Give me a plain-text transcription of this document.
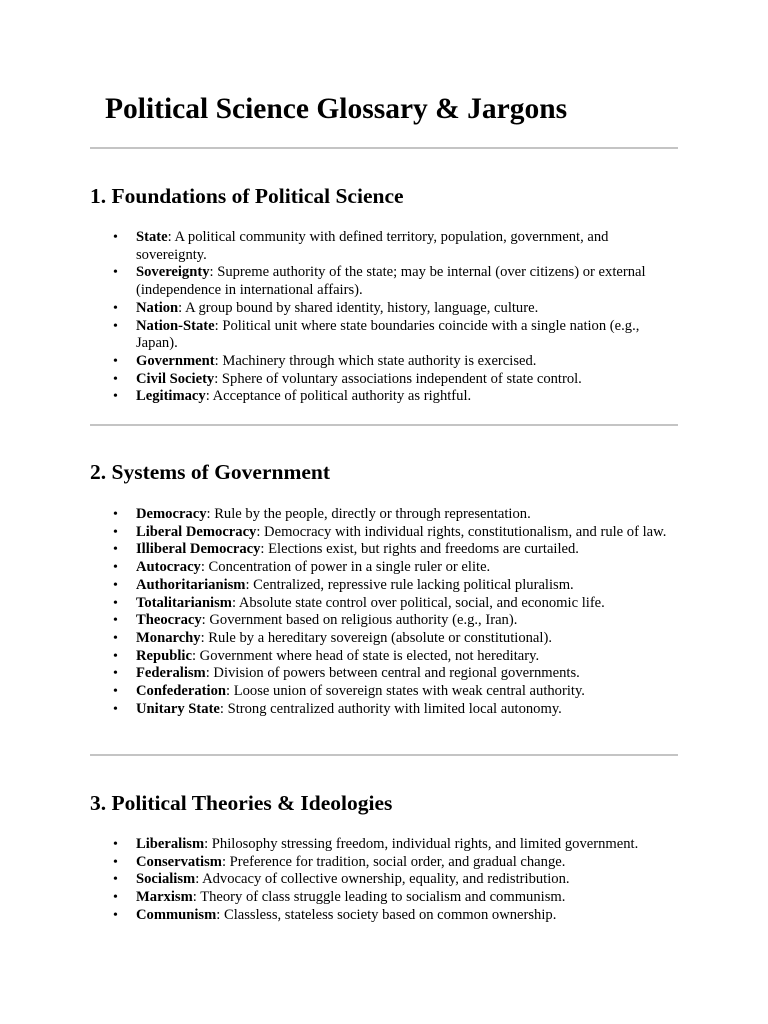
Political Science Glossary & Jargons
1. Foundations of Political Science
• State: A political community with defined territory, population, government, and sovereignty.
• Sovereignty: Supreme authority of the state; may be internal (over citizens) or external (independence in international affairs).
• Nation: A group bound by shared identity, history, language, culture.
• Nation-State: Political unit where state boundaries coincide with a single nation (e.g., Japan).
• Government: Machinery through which state authority is exercised.
• Civil Society: Sphere of voluntary associations independent of state control.
• Legitimacy: Acceptance of political authority as rightful.
2. Systems of Government
• Democracy: Rule by the people, directly or through representation.
• Liberal Democracy: Democracy with individual rights, constitutionalism, and rule of law.
• Illiberal Democracy: Elections exist, but rights and freedoms are curtailed.
• Autocracy: Concentration of power in a single ruler or elite.
• Authoritarianism: Centralized, repressive rule lacking political pluralism.
• Totalitarianism: Absolute state control over political, social, and economic life.
• Theocracy: Government based on religious authority (e.g., Iran).
• Monarchy: Rule by a hereditary sovereign (absolute or constitutional).
• Republic: Government where head of state is elected, not hereditary.
• Federalism: Division of powers between central and regional governments.
• Confederation: Loose union of sovereign states with weak central authority.
• Unitary State: Strong centralized authority with limited local autonomy.
3. Political Theories & Ideologies
• Liberalism: Philosophy stressing freedom, individual rights, and limited government.
• Conservatism: Preference for tradition, social order, and gradual change.
• Socialism: Advocacy of collective ownership, equality, and redistribution.
• Marxism: Theory of class struggle leading to socialism and communism.
• Communism: Classless, stateless society based on common ownership.
